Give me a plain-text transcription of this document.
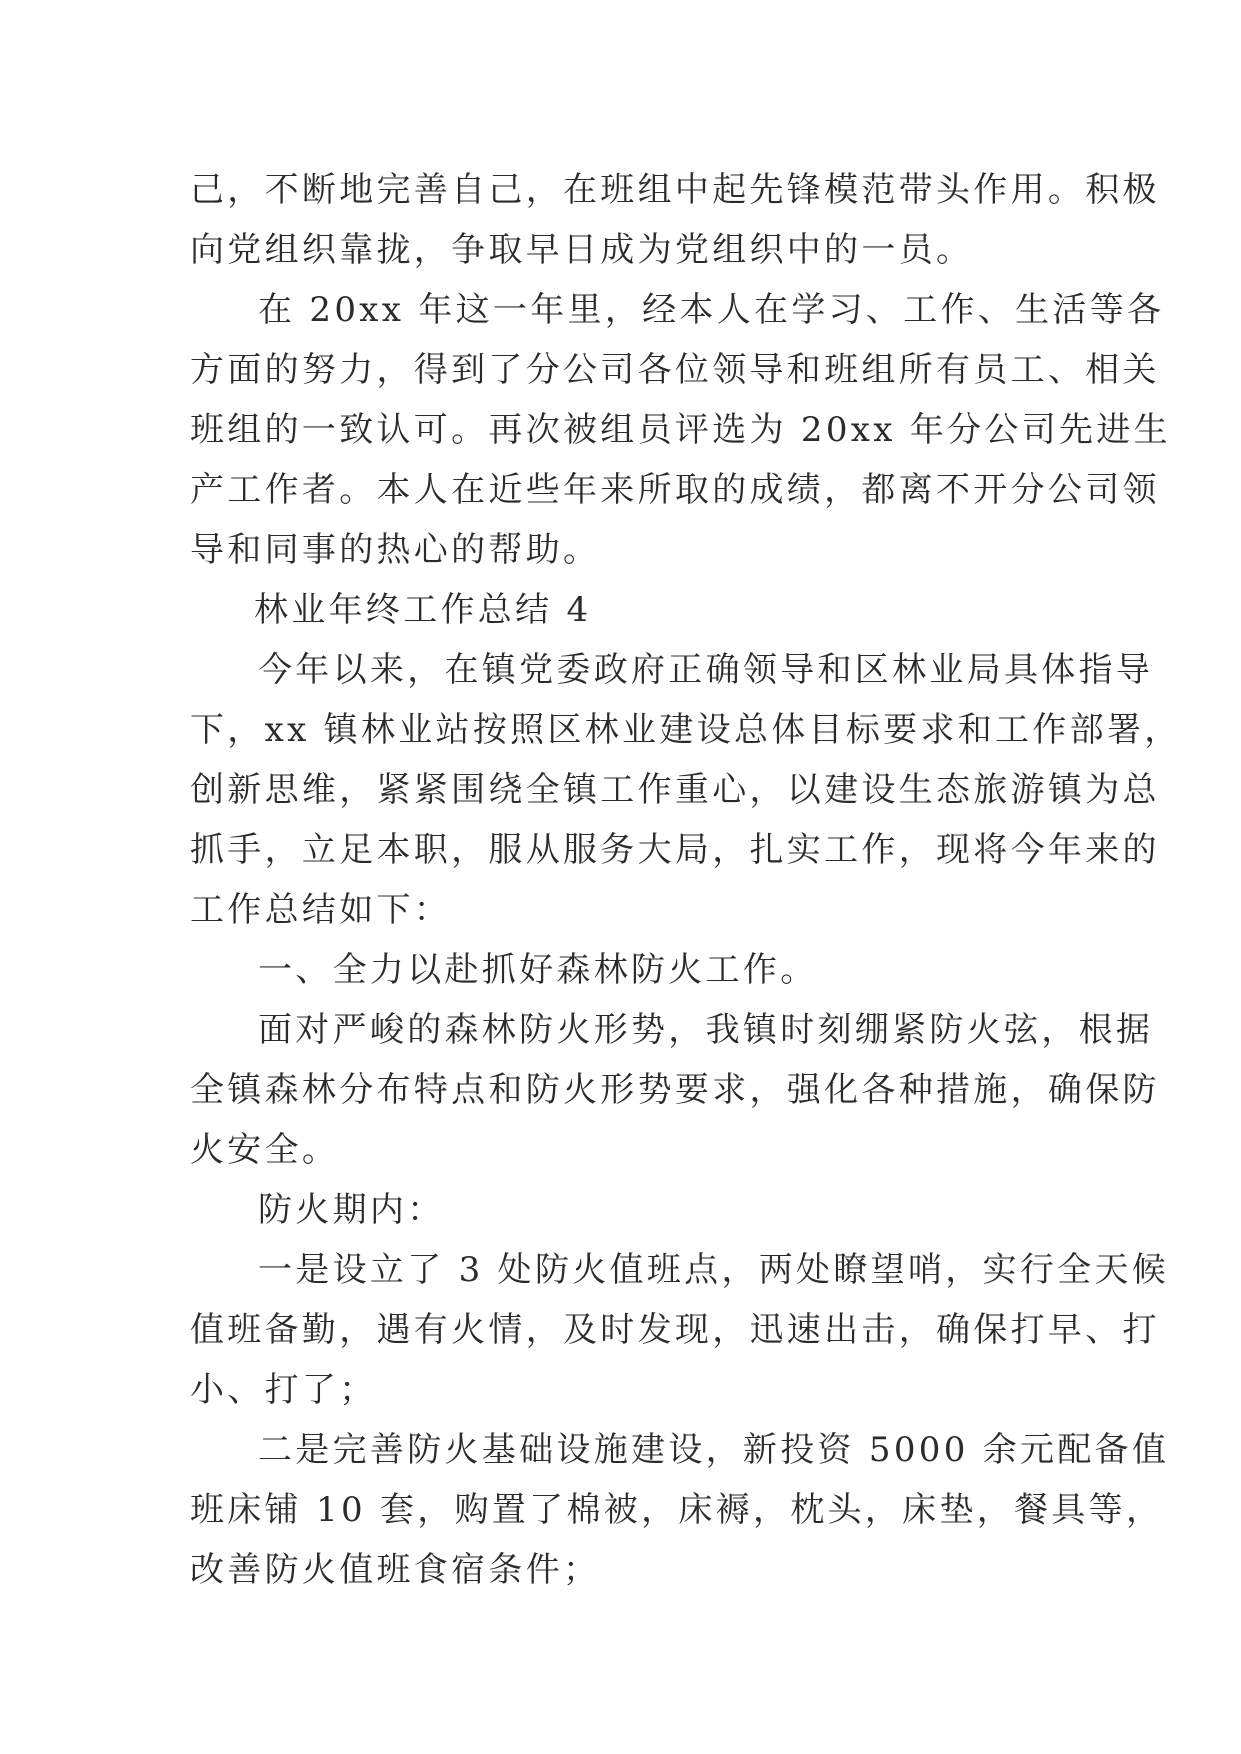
己，不断地完善自己，在班组中起先锋模范带头作用。积极
向党组织靠拢，争取早日成为党组织中的一员。
在 20xx 年这一年里，经本人在学习、工作、生活等各
方面的努力，得到了分公司各位领导和班组所有员工、相关
班组的一致认可。再次被组员评选为 20xx 年分公司先进生
产工作者。本人在近些年来所取的成绩，都离不开分公司领
导和同事的热心的帮助。
林业年终工作总结 4
今年以来，在镇党委政府正确领导和区林业局具体指导
下，xx 镇林业站按照区林业建设总体目标要求和工作部署，
创新思维，紧紧围绕全镇工作重心，以建设生态旅游镇为总
抓手，立足本职，服从服务大局，扎实工作，现将今年来的
工作总结如下：
一、全力以赴抓好森林防火工作。
面对严峻的森林防火形势，我镇时刻绷紧防火弦，根据
全镇森林分布特点和防火形势要求，强化各种措施，确保防
火安全。
防火期内：
一是设立了 3 处防火值班点，两处瞭望哨，实行全天候
值班备勤，遇有火情，及时发现，迅速出击，确保打早、打
小、打了；
二是完善防火基础设施建设，新投资 5000 余元配备值
班床铺 10 套，购置了棉被，床褥，枕头，床垫，餐具等，
改善防火值班食宿条件；
